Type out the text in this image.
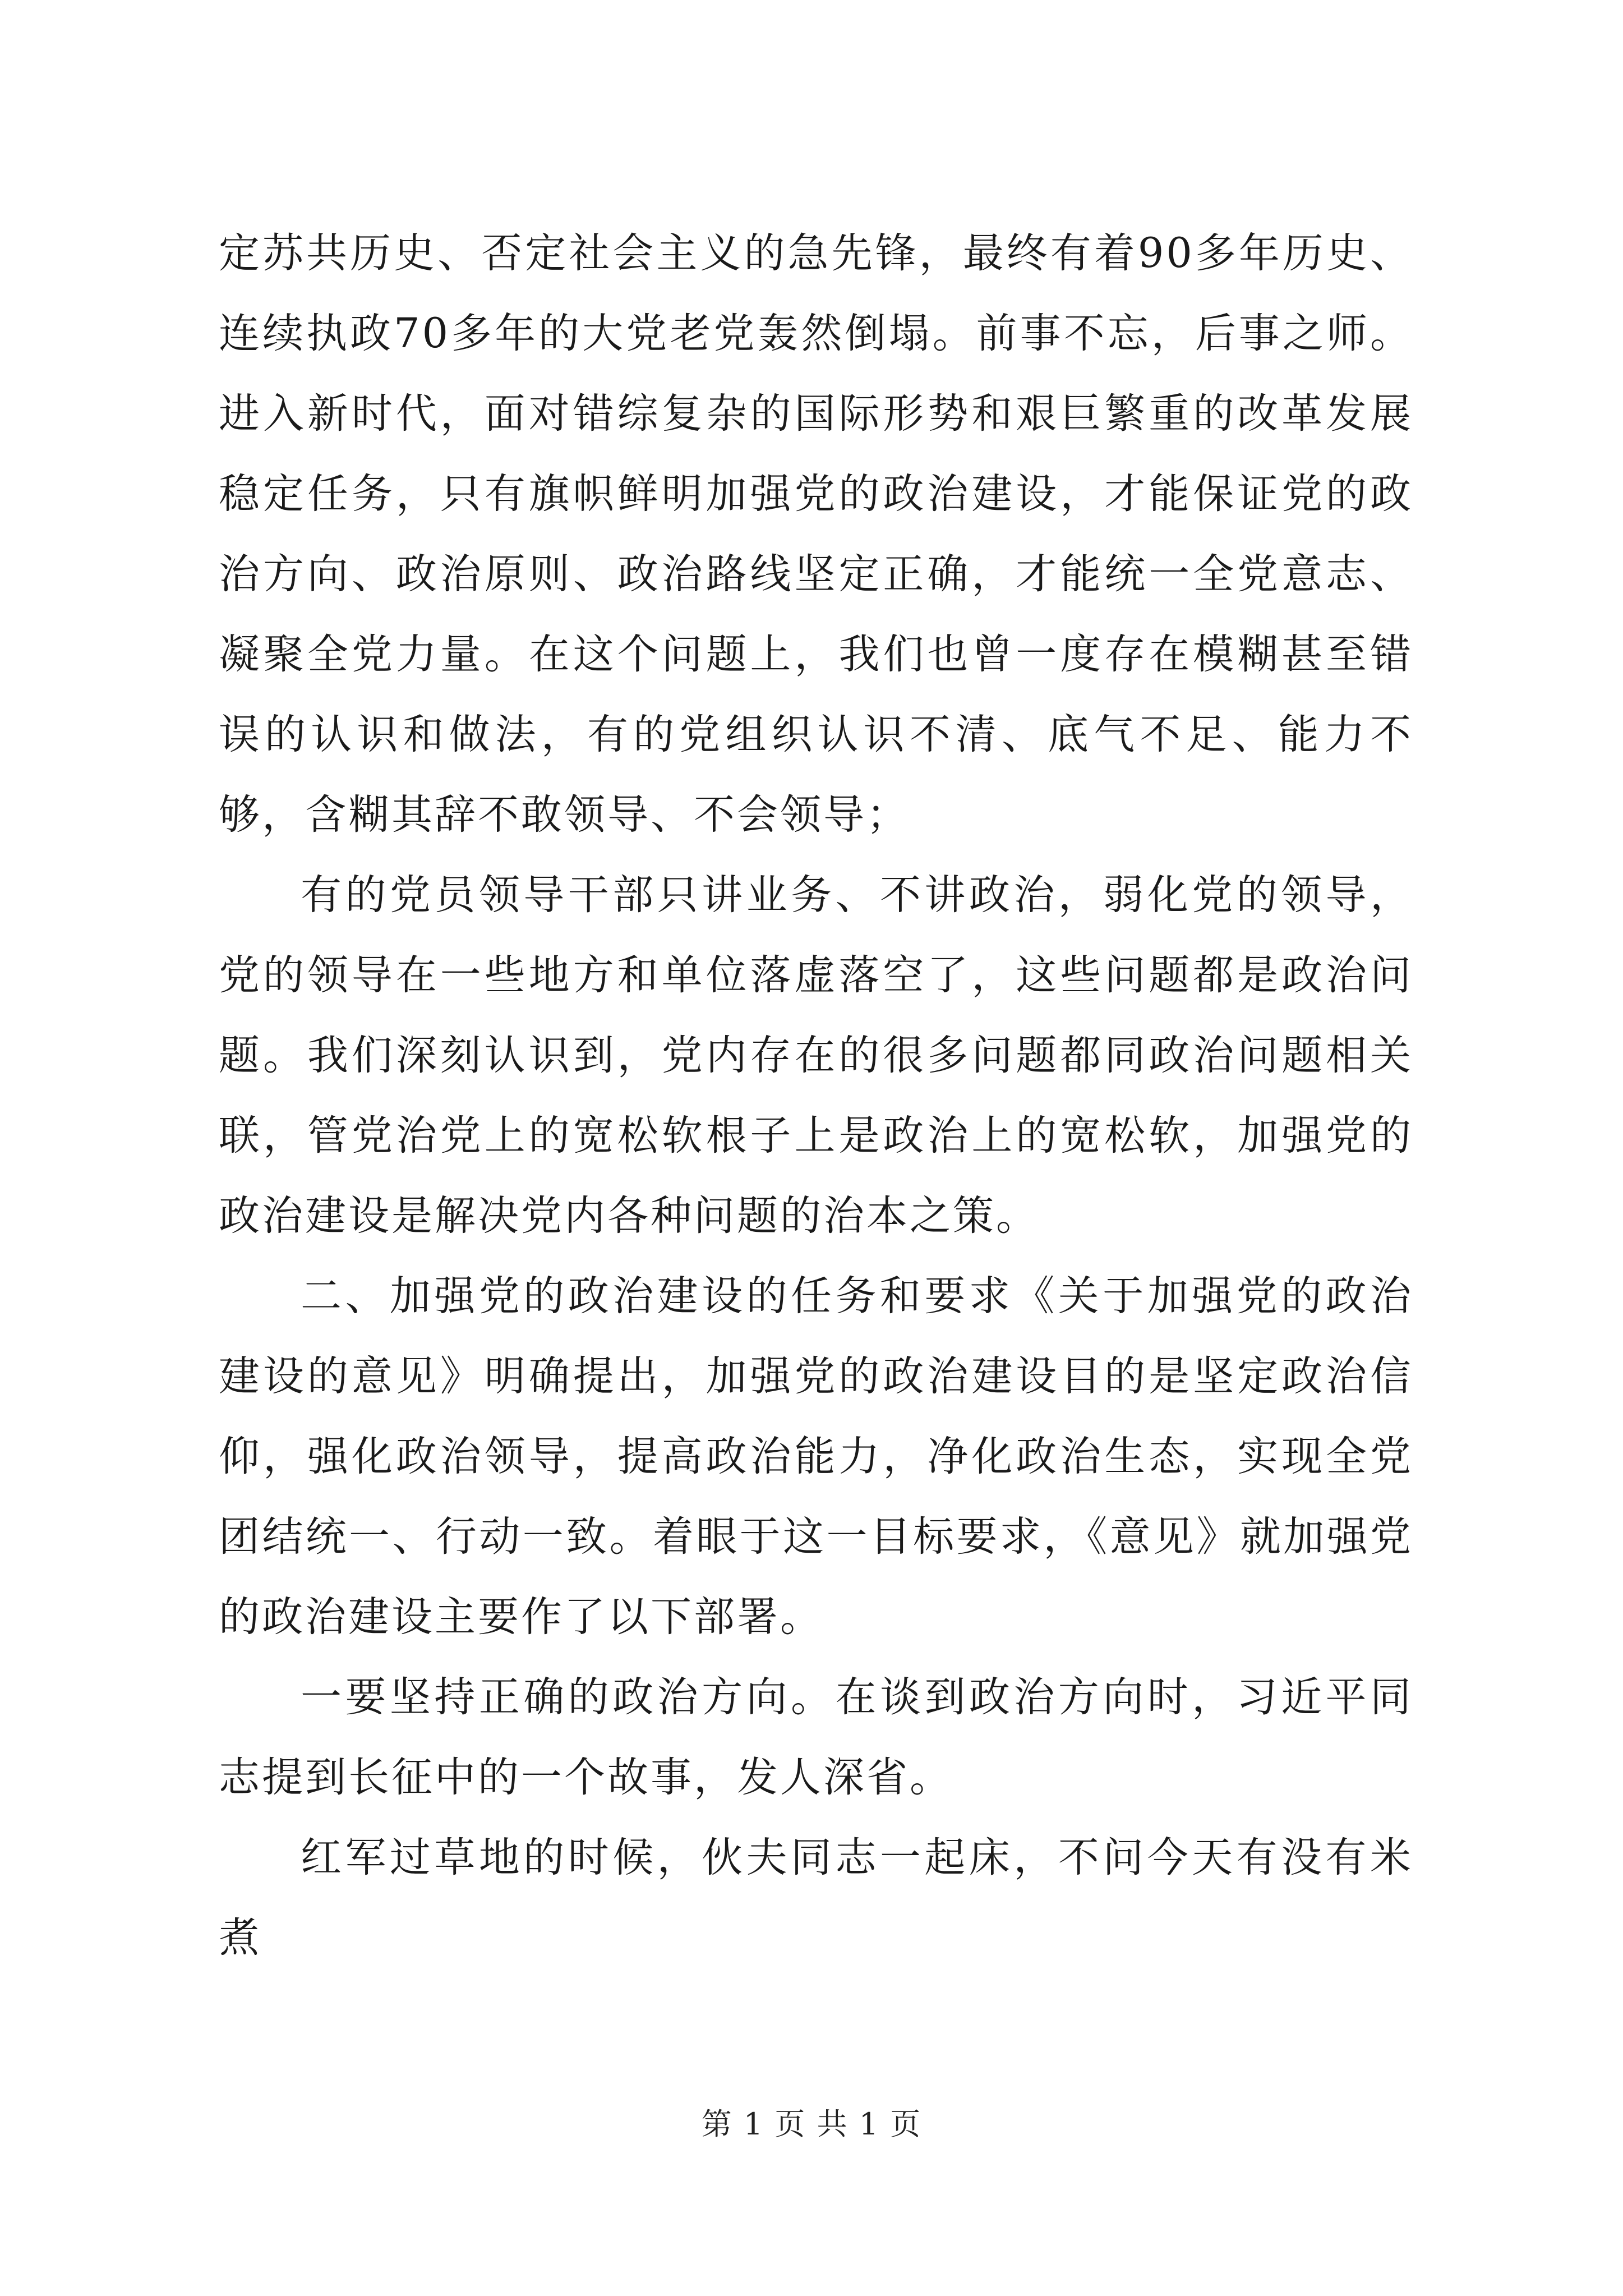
定苏共历史、否定社会主义的急先锋，最终有着90多年历史、连续执政70多年的大党老党轰然倒塌。前事不忘，后事之师。进入新时代，面对错综复杂的国际形势和艰巨繁重的改革发展稳定任务，只有旗帜鲜明加强党的政治建设，才能保证党的政治方向、政治原则、政治路线坚定正确，才能统一全党意志、凝聚全党力量。在这个问题上，我们也曾一度存在模糊甚至错误的认识和做法，有的党组织认识不清、底气不足、能力不够，含糊其辞不敢领导、不会领导；

有的党员领导干部只讲业务、不讲政治，弱化党的领导，党的领导在一些地方和单位落虚落空了，这些问题都是政治问题。我们深刻认识到，党内存在的很多问题都同政治问题相关联，管党治党上的宽松软根子上是政治上的宽松软，加强党的政治建设是解决党内各种问题的治本之策。

二、加强党的政治建设的任务和要求《关于加强党的政治建设的意见》明确提出，加强党的政治建设目的是坚定政治信仰，强化政治领导，提高政治能力，净化政治生态，实现全党团结统一、行动一致。着眼于这一目标要求，《意见》就加强党的政治建设主要作了以下部署。

一要坚持正确的政治方向。在谈到政治方向时，习近平同志提到长征中的一个故事，发人深省。

红军过草地的时候，伙夫同志一起床，不问今天有没有米煮

第 1 页 共 1 页
